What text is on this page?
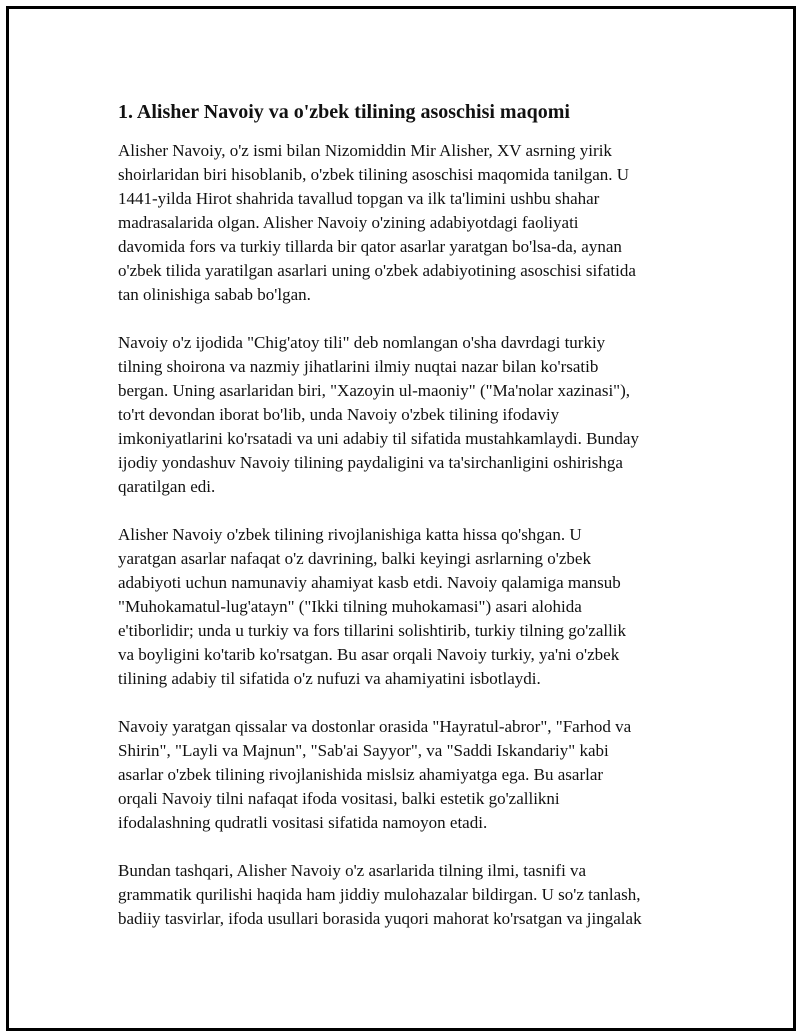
1. Alisher Navoiy va o'zbek tilining asoschisi maqomi

Alisher Navoiy, o'z ismi bilan Nizomiddin Mir Alisher, XV asrning yirik
shoirlaridan biri hisoblanib, o'zbek tilining asoschisi maqomida tanilgan. U
1441-yilda Hirot shahrida tavallud topgan va ilk ta'limini ushbu shahar
madrasalarida olgan. Alisher Navoiy o'zining adabiyotdagi faoliyati
davomida fors va turkiy tillarda bir qator asarlar yaratgan bo'lsa-da, aynan
o'zbek tilida yaratilgan asarlari uning o'zbek adabiyotining asoschisi sifatida
tan olinishiga sabab bo'lgan.

Navoiy o'z ijodida "Chig'atoy tili" deb nomlangan o'sha davrdagi turkiy
tilning shoirona va nazmiy jihatlarini ilmiy nuqtai nazar bilan ko'rsatib
bergan. Uning asarlaridan biri, "Xazoyin ul-maoniy" ("Ma'nolar xazinasi"),
to'rt devondan iborat bo'lib, unda Navoiy o'zbek tilining ifodaviy
imkoniyatlarini ko'rsatadi va uni adabiy til sifatida mustahkamlaydi. Bunday
ijodiy yondashuv Navoiy tilining paydaligini va ta'sirchanligini oshirishga
qaratilgan edi.

Alisher Navoiy o'zbek tilining rivojlanishiga katta hissa qo'shgan. U
yaratgan asarlar nafaqat o'z davrining, balki keyingi asrlarning o'zbek
adabiyoti uchun namunaviy ahamiyat kasb etdi. Navoiy qalamiga mansub
"Muhokamatul-lug'atayn" ("Ikki tilning muhokamasi") asari alohida
e'tiborlidir; unda u turkiy va fors tillarini solishtirib, turkiy tilning go'zallik
va boyligini ko'tarib ko'rsatgan. Bu asar orqali Navoiy turkiy, ya'ni o'zbek
tilining adabiy til sifatida o'z nufuzi va ahamiyatini isbotlaydi.

Navoiy yaratgan qissalar va dostonlar orasida "Hayratul-abror", "Farhod va
Shirin", "Layli va Majnun", "Sab'ai Sayyor", va "Saddi Iskandariy" kabi
asarlar o'zbek tilining rivojlanishida mislsiz ahamiyatga ega. Bu asarlar
orqali Navoiy tilni nafaqat ifoda vositasi, balki estetik go'zallikni
ifodalashning qudratli vositasi sifatida namoyon etadi.

Bundan tashqari, Alisher Navoiy o'z asarlarida tilning ilmi, tasnifi va
grammatik qurilishi haqida ham jiddiy mulohazalar bildirgan. U so'z tanlash,
badiiy tasvirlar, ifoda usullari borasida yuqori mahorat ko'rsatgan va jingalak
